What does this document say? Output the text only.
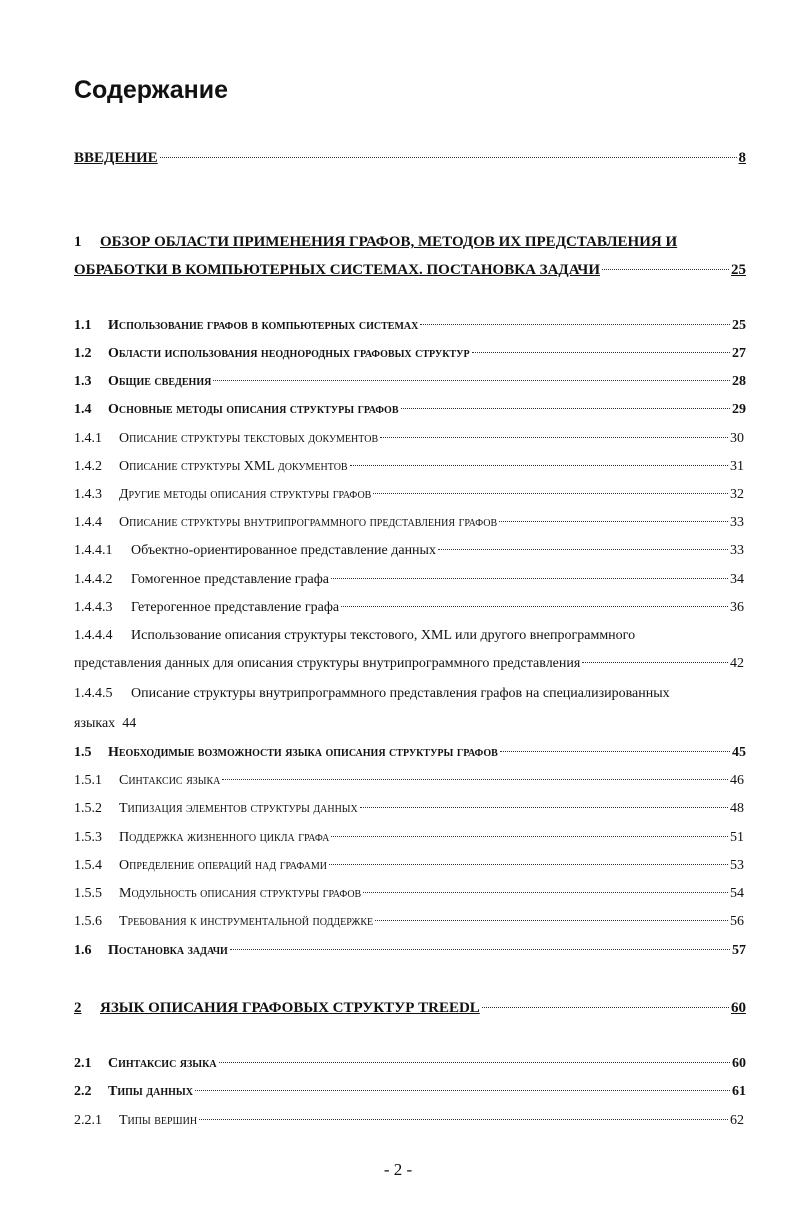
Содержание
ВВЕДЕНИЕ	8
1 ОБЗОР ОБЛАСТИ ПРИМЕНЕНИЯ ГРАФОВ, МЕТОДОВ ИХ ПРЕДСТАВЛЕНИЯ И
ОБРАБОТКИ В КОМПЬЮТЕРНЫХ СИСТЕМАХ. ПОСТАНОВКА ЗАДАЧИ	25
1.1	Использование графов в компьютерных системах	25
1.2	Области использования неоднородных графовых структур	27
1.3	Общие сведения	28
1.4	Основные методы описания структуры графов	29
1.4.1	Описание структуры текстовых документов	30
1.4.2	Описание структуры XML документов	31
1.4.3	Другие методы описания структуры графов	32
1.4.4	Описание структуры внутрипрограммного представления графов	33
1.4.4.1	Объектно-ориентированное представление данных	33
1.4.4.2	Гомогенное представление графа	34
1.4.4.3	Гетерогенное представление графа	36
1.4.4.4 Использование описания структуры текстового, XML или другого внепрограммного
представления данных для описания структуры внутрипрограммного представления	42
1.4.4.5 Описание структуры внутрипрограммного представления графов на специализированных
языках 44
1.5	Необходимые возможности языка описания структуры графов	45
1.5.1	Синтаксис языка	46
1.5.2	Типизация элементов структуры данных	48
1.5.3	Поддержка жизненного цикла графа	51
1.5.4	Определение операций над графами	53
1.5.5	Модульность описания структуры графов	54
1.5.6	Требования к инструментальной поддержке	56
1.6	Постановка задачи	57
2	ЯЗЫК ОПИСАНИЯ ГРАФОВЫХ СТРУКТУР TREEDL	60
2.1	Синтаксис языка	60
2.2	Типы данных	61
2.2.1	Типы вершин	62
- 2 -
